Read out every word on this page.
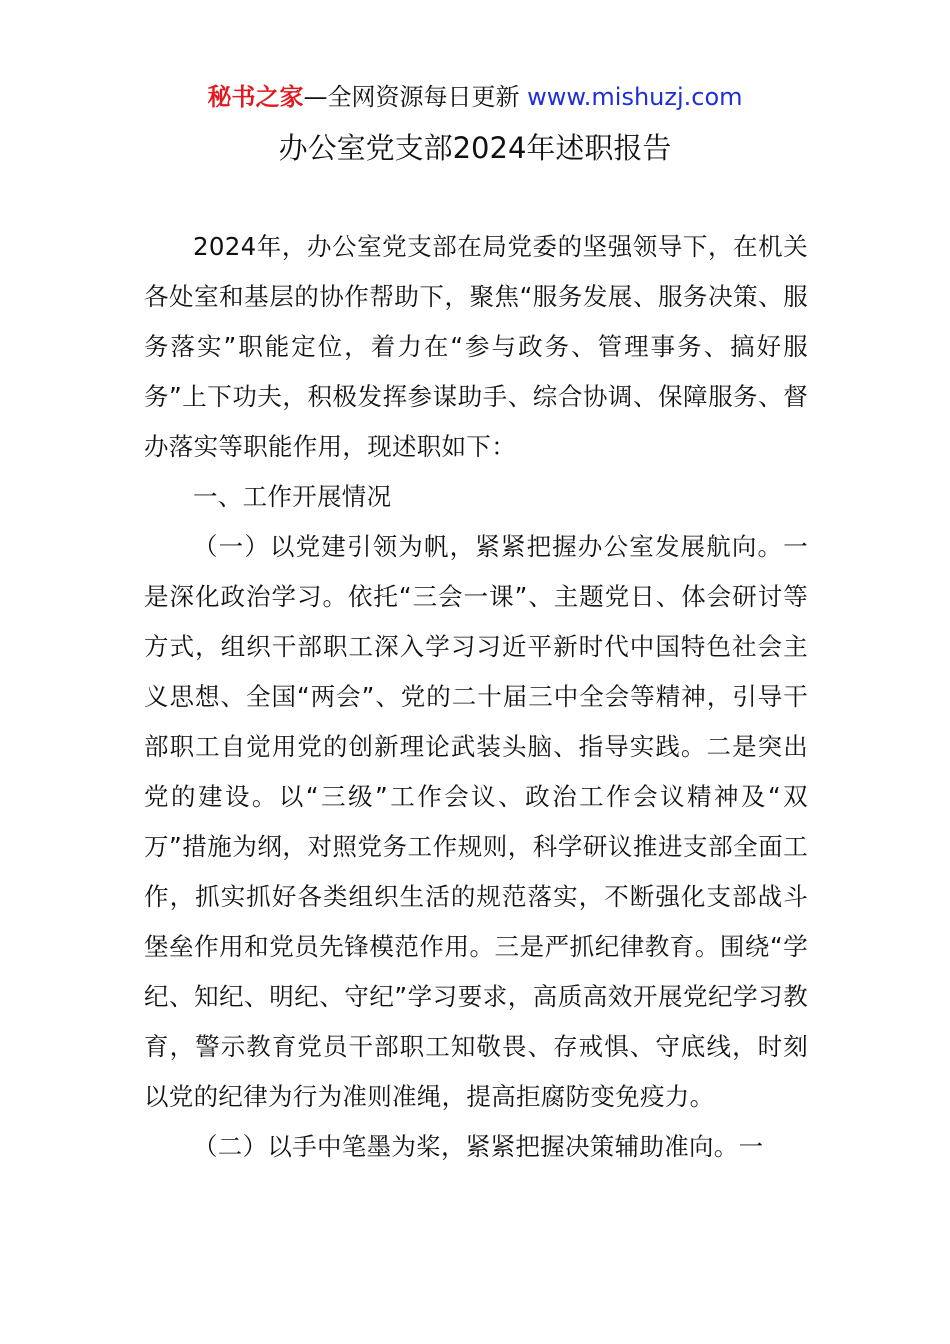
秘书之家—全网资源每日更新 www.mishuzj.com
办公室党支部2024年述职报告

2024年，办公室党支部在局党委的坚强领导下，在机关各处室和基层的协作帮助下，聚焦“服务发展、服务决策、服务落实”职能定位，着力在“参与政务、管理事务、搞好服务”上下功夫，积极发挥参谋助手、综合协调、保障服务、督办落实等职能作用，现述职如下：

一、工作开展情况

（一）以党建引领为帆，紧紧把握办公室发展航向。一是深化政治学习。依托“三会一课”、主题党日、体会研讨等方式，组织干部职工深入学习习近平新时代中国特色社会主义思想、全国“两会”、党的二十届三中全会等精神，引导干部职工自觉用党的创新理论武装头脑、指导实践。二是突出党的建设。以“三级”工作会议、政治工作会议精神及“双万”措施为纲，对照党务工作规则，科学研议推进支部全面工作，抓实抓好各类组织生活的规范落实，不断强化支部战斗堡垒作用和党员先锋模范作用。三是严抓纪律教育。围绕“学纪、知纪、明纪、守纪”学习要求，高质高效开展党纪学习教育，警示教育党员干部职工知敬畏、存戒惧、守底线，时刻以党的纪律为行为准则准绳，提高拒腐防变免疫力。

（二）以手中笔墨为桨，紧紧把握决策辅助准向。一
